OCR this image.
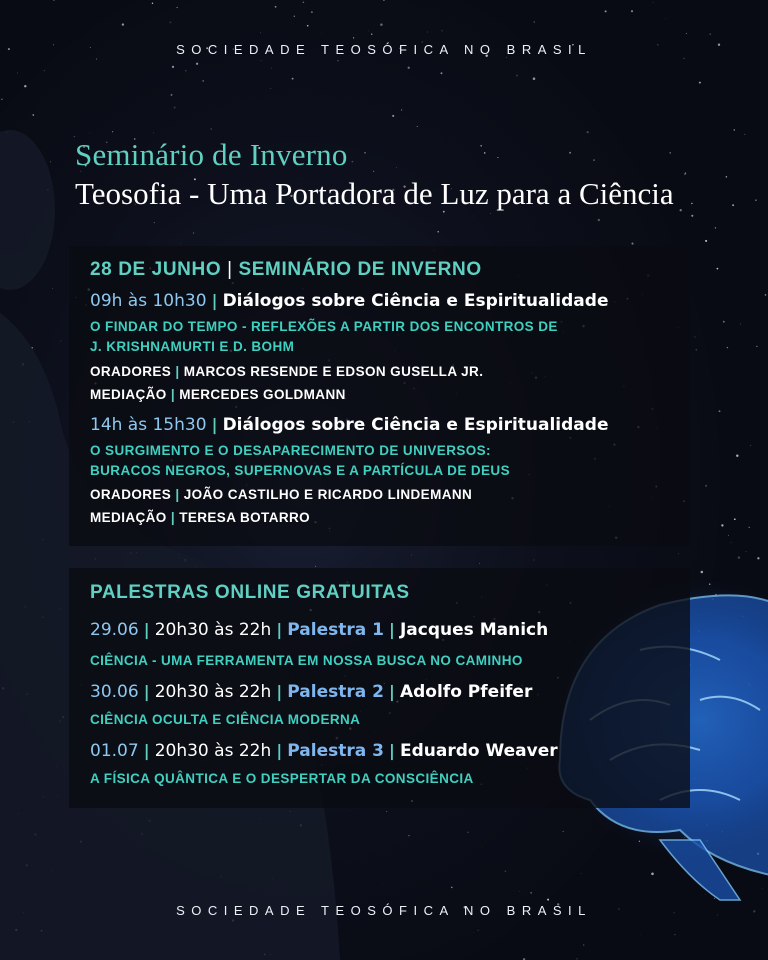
SOCIEDADE TEOSÓFICA NO BRASIL
Seminário de Inverno
Teosofia - Uma Portadora de Luz para a Ciência
28 DE JUNHO | SEMINÁRIO DE INVERNO
09h às 10h30 | Diálogos sobre Ciência e Espiritualidade
O FINDAR DO TEMPO - REFLEXÕES A PARTIR DOS ENCONTROS DE
J. KRISHNAMURTI E D. BOHM
ORADORES | MARCOS RESENDE E EDSON GUSELLA JR.
MEDIAÇÃO | MERCEDES GOLDMANN
14h às 15h30 | Diálogos sobre Ciência e Espiritualidade
O SURGIMENTO E O DESAPARECIMENTO DE UNIVERSOS:
BURACOS NEGROS, SUPERNOVAS E A PARTÍCULA DE DEUS
ORADORES | JOÃO CASTILHO E RICARDO LINDEMANN
MEDIAÇÃO | TERESA BOTARRO
PALESTRAS ONLINE GRATUITAS
29.06 | 20h30 às 22h | Palestra 1 | Jacques Manich
CIÊNCIA - UMA FERRAMENTA EM NOSSA BUSCA NO CAMINHO
30.06 | 20h30 às 22h | Palestra 2 | Adolfo Pfeifer
CIÊNCIA OCULTA E CIÊNCIA MODERNA
01.07 | 20h30 às 22h | Palestra 3 | Eduardo Weaver
A FÍSICA QUÂNTICA E O DESPERTAR DA CONSCIÊNCIA
SOCIEDADE TEOSÓFICA NO BRASIL
